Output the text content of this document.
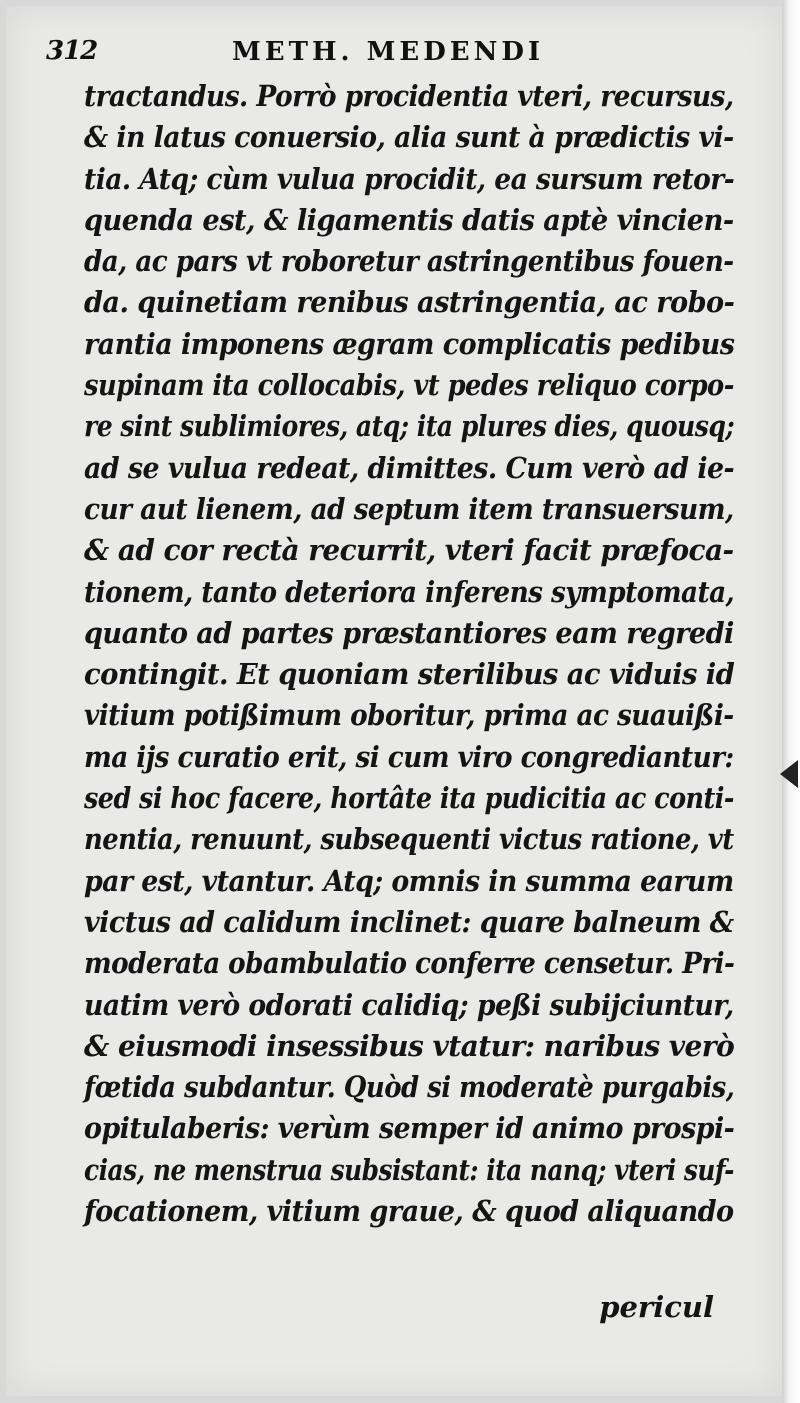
312	METH. MEDENDI
tractandus. Porrò procidentia vteri, recursus,
& in latus conuersio, alia sunt à prædictis vi-
tia. Atq; cùm vulua procidit, ea sursum retor-
quenda est, & ligamentis datis aptè vincien-
da, ac pars vt roboretur astringentibus fouen-
da. quinetiam renibus astringentia, ac robo-
rantia imponens ægram complicatis pedibus
supinam ita collocabis, vt pedes reliquo corpo-
re sint sublimiores, atq; ita plures dies, quousq;
ad se vulua redeat, dimittes. Cum verò ad ie-
cur aut lienem, ad septum item transuersum,
& ad cor rectà recurrit, vteri facit præfoca-
tionem, tanto deteriora inferens symptomata,
quanto ad partes præstantiores eam regredi
contingit. Et quoniam sterilibus ac viduis id
vitium potißimum oboritur, prima ac suauißi-
ma ijs curatio erit, si cum viro congrediantur:
sed si hoc facere, hortâte ita pudicitia ac conti-
nentia, renuunt, subsequenti victus ratione, vt
par est, vtantur. Atq; omnis in summa earum
victus ad calidum inclinet: quare balneum &
moderata obambulatio conferre censetur. Pri-
uatim verò odorati calidiq; peßi subijciuntur,
& eiusmodi insessibus vtatur: naribus verò
fœtida subdantur. Quòd si moderatè purgabis,
opitulaberis: verùm semper id animo prospi-
cias, ne menstrua subsistant: ita nanq; vteri suf-
focationem, vitium graue, & quod aliquando
pericul
